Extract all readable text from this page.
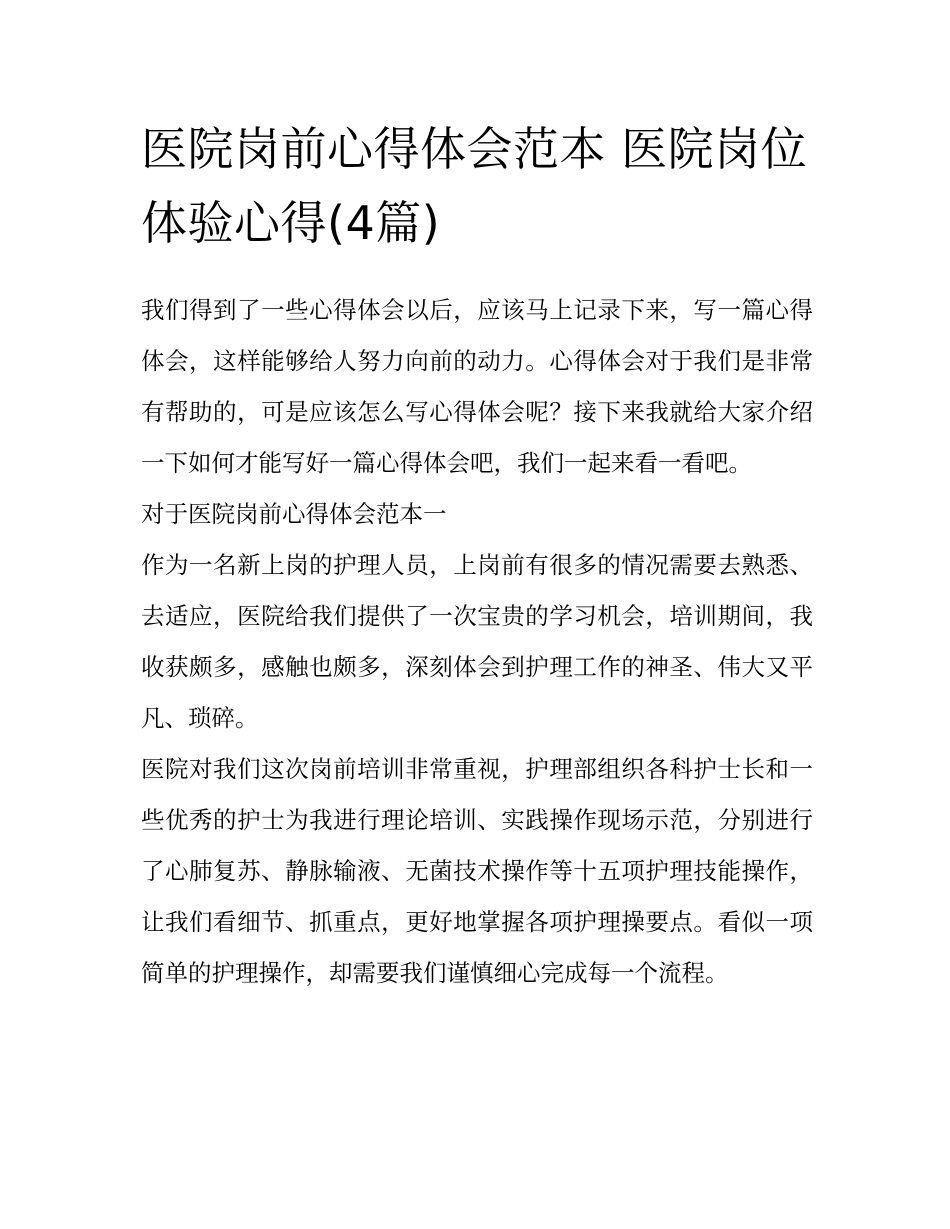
医院岗前心得体会范本 医院岗位体验心得(4篇)

我们得到了一些心得体会以后，应该马上记录下来，写一篇心得体会，这样能够给人努力向前的动力。心得体会对于我们是非常有帮助的，可是应该怎么写心得体会呢？接下来我就给大家介绍一下如何才能写好一篇心得体会吧，我们一起来看一看吧。

对于医院岗前心得体会范本一

作为一名新上岗的护理人员，上岗前有很多的情况需要去熟悉、去适应，医院给我们提供了一次宝贵的学习机会，培训期间，我收获颇多，感触也颇多，深刻体会到护理工作的神圣、伟大又平凡、琐碎。

医院对我们这次岗前培训非常重视，护理部组织各科护士长和一些优秀的护士为我进行理论培训、实践操作现场示范，分别进行了心肺复苏、静脉输液、无菌技术操作等十五项护理技能操作，让我们看细节、抓重点，更好地掌握各项护理操要点。看似一项简单的护理操作，却需要我们谨慎细心完成每一个流程。
